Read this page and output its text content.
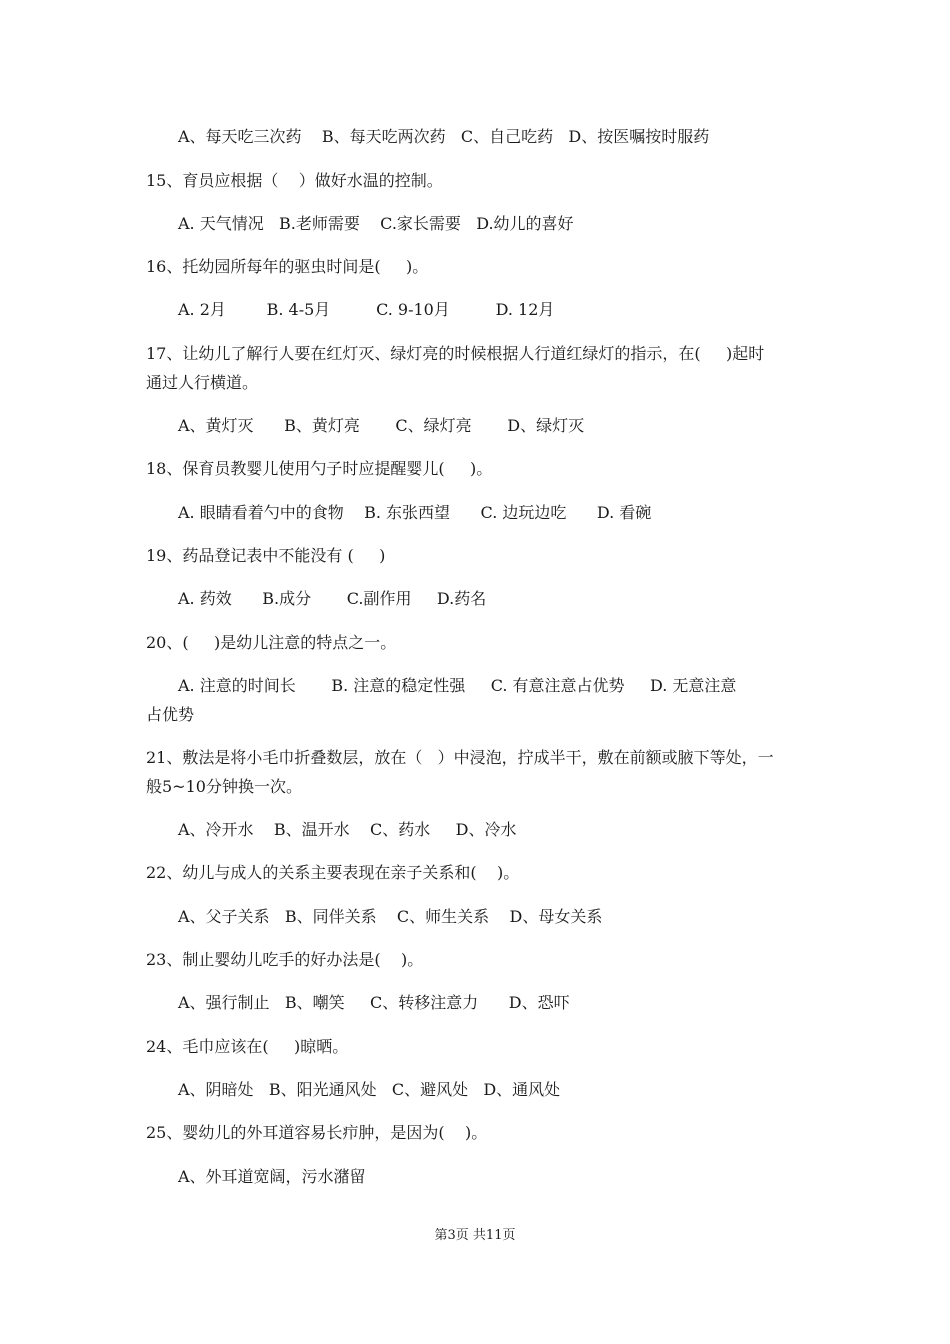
A、每天吃三次药    B、每天吃两次药   C、自己吃药   D、按医嘱按时服药
15、育员应根据（    ）做好水温的控制。
A. 天气情况   B.老师需要    C.家长需要   D.幼儿的喜好
16、托幼园所每年的驱虫时间是(     )。
A. 2月        B. 4-5月         C. 9-10月         D. 12月
17、让幼儿了解行人要在红灯灭、绿灯亮的时候根据人行道红绿灯的指示，在(     )起时
通过人行横道。
A、黄灯灭      B、黄灯亮       C、绿灯亮       D、绿灯灭
18、保育员教婴儿使用勺子时应提醒婴儿(     )。
A. 眼睛看着勺中的食物    B. 东张西望      C. 边玩边吃      D. 看碗
19、药品登记表中不能没有 (     )
A. 药效      B.成分       C.副作用     D.药名
20、(     )是幼儿注意的特点之一。
A. 注意的时间长       B. 注意的稳定性强     C. 有意注意占优势     D. 无意注意
占优势
21、敷法是将小毛巾折叠数层，放在（   ）中浸泡，拧成半干，敷在前额或腋下等处，一
般5~10分钟换一次。
A、冷开水    B、温开水    C、药水     D、冷水
22、幼儿与成人的关系主要表现在亲子关系和(    )。
A、父子关系   B、同伴关系    C、师生关系    D、母女关系
23、制止婴幼儿吃手的好办法是(    )。
A、强行制止   B、嘲笑     C、转移注意力      D、恐吓
24、毛巾应该在(     )晾晒。
A、阴暗处   B、阳光通风处   C、避风处   D、通风处
25、婴幼儿的外耳道容易长疖肿，是因为(    )。
A、外耳道宽阔，污水潴留
第3页 共11页
